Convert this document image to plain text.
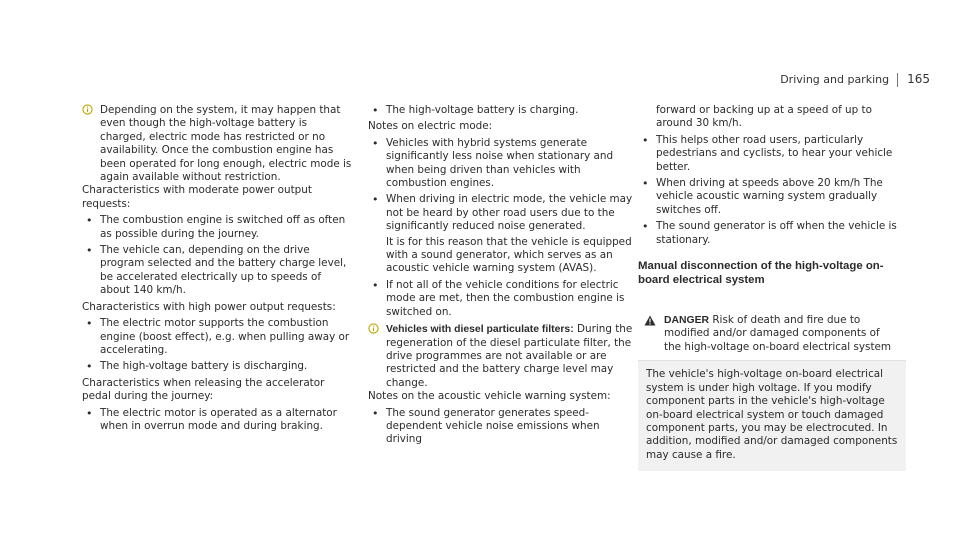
Driving and parking 165

Depending on the system, it may happen that even though the high-voltage battery is charged, electric mode has restricted or no availability. Once the combustion engine has been operated for long enough, electric mode is again available without restriction.

Characteristics with moderate power output requests:

• The combustion engine is switched off as often as possible during the journey.
• The vehicle can, depending on the drive program selected and the battery charge level, be accelerated electrically up to speeds of about 140 km/h.

Characteristics with high power output requests:

• The electric motor supports the combustion engine (boost effect), e.g. when pulling away or accelerating.
• The high-voltage battery is discharging.

Characteristics when releasing the accelerator pedal during the journey:

• The electric motor is operated as a alternator when in overrun mode and during braking.
• The high-voltage battery is charging.

Notes on electric mode:

• Vehicles with hybrid systems generate significantly less noise when stationary and when being driven than vehicles with combustion engines.
• When driving in electric mode, the vehicle may not be heard by other road users due to the significantly reduced noise generated.
It is for this reason that the vehicle is equipped with a sound generator, which serves as an acoustic vehicle warning system (AVAS).
• If not all of the vehicle conditions for electric mode are met, then the combustion engine is switched on.

Vehicles with diesel particulate filters: During the regeneration of the diesel particulate filter, the drive programmes are not available or are restricted and the battery charge level may change.

Notes on the acoustic vehicle warning system:

• The sound generator generates speed-dependent vehicle noise emissions when driving

forward or backing up at a speed of up to around 30 km/h.

• This helps other road users, particularly pedestrians and cyclists, to hear your vehicle better.
• When driving at speeds above 20 km/h The vehicle acoustic warning system gradually switches off.
• The sound generator is off when the vehicle is stationary.
Manual disconnection of the high-voltage on-board electrical system
DANGER Risk of death and fire due to modified and/or damaged components of the high-voltage on-board electrical system
The vehicle's high-voltage on-board electrical system is under high voltage. If you modify component parts in the vehicle's high-voltage on-board electrical system or touch damaged component parts, you may be electrocuted. In addition, modified and/or damaged components may cause a fire.
